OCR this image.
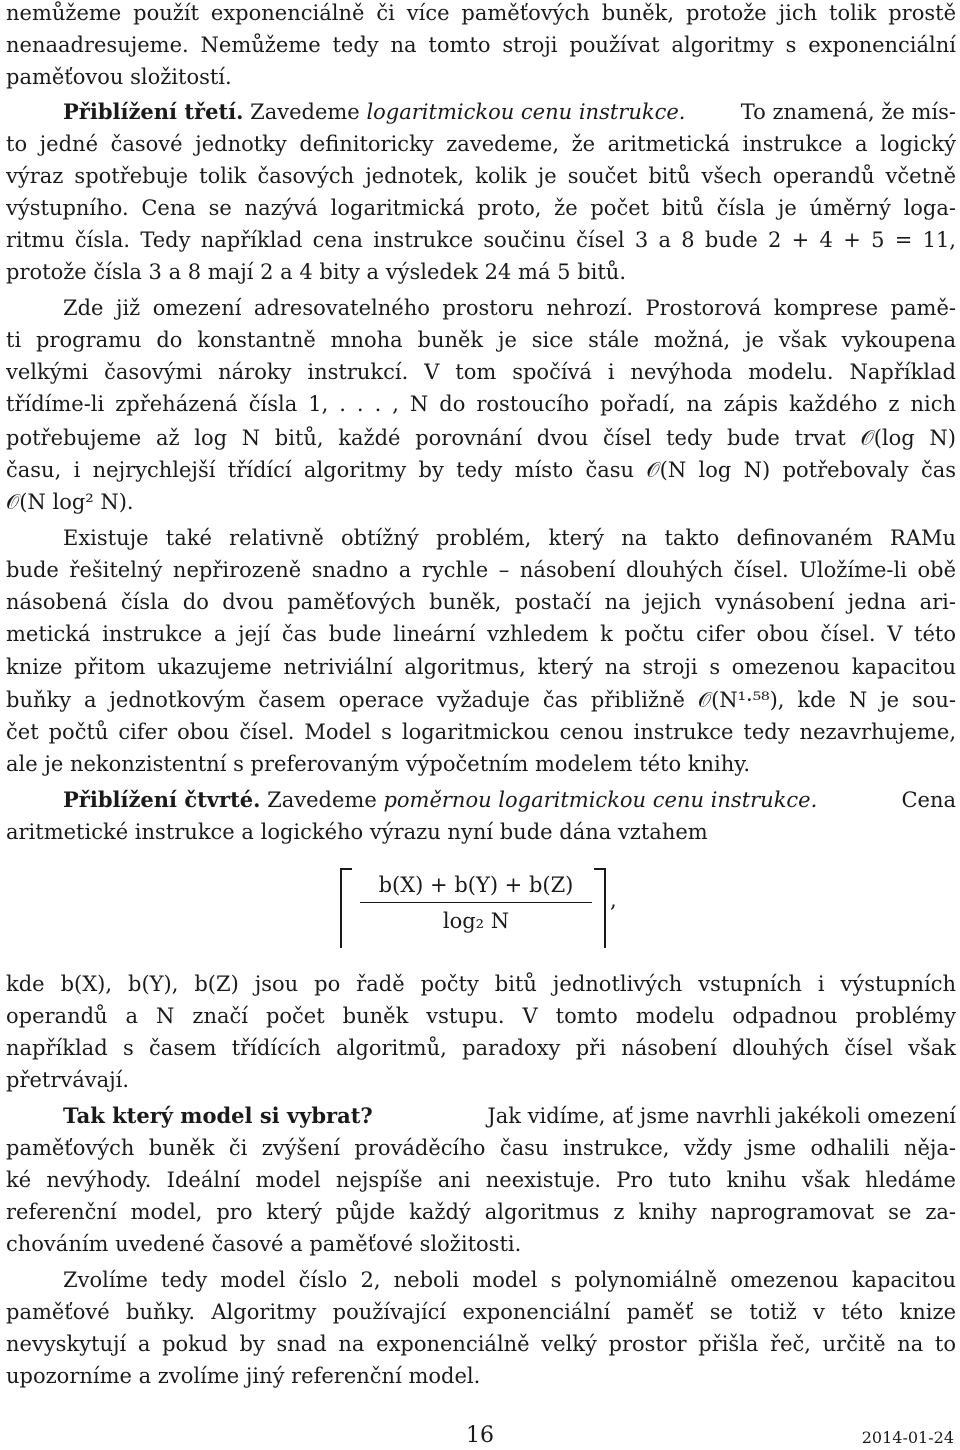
nemůžeme použít exponenciálně či více paměťových buněk, protože jich tolik prostě
nenaadresujeme. Nemůžeme tedy na tomto stroji používat algoritmy s exponenciální
paměťovou složitostí.
Přiblížení třetí. Zavedeme logaritmickou cenu instrukce.	To znamená, že mís-
to jedné časové jednotky definitoricky zavedeme, že aritmetická instrukce a logický
výraz spotřebuje tolik časových jednotek, kolik je součet bitů všech operandů včetně
výstupního. Cena se nazývá logaritmická proto, že počet bitů čísla je úměrný loga-
ritmu čísla. Tedy například cena instrukce součinu čísel 3 a 8 bude 2 + 4 + 5 = 11,
protože čísla 3 a 8 mají 2 a 4 bity a výsledek 24 má 5 bitů.
Zde již omezení adresovatelného prostoru nehrozí. Prostorová komprese pamě-
ti programu do konstantně mnoha buněk je sice stále možná, je však vykoupena
velkými časovými nároky instrukcí. V tom spočívá i nevýhoda modelu. Například
třídíme-li zpřeházená čísla 1, . . . , N do rostoucího pořadí, na zápis každého z nich
potřebujeme až log N bitů, každé porovnání dvou čísel tedy bude trvat 𝒪(log N)
času, i nejrychlejší třídící algoritmy by tedy místo času 𝒪(N log N) potřebovaly čas
𝒪(N log² N).
Existuje také relativně obtížný problém, který na takto definovaném RAMu
bude řešitelný nepřirozeně snadno a rychle – násobení dlouhých čísel. Uložíme-li obě
násobená čísla do dvou paměťových buněk, postačí na jejich vynásobení jedna ari-
metická instrukce a její čas bude lineární vzhledem k počtu cifer obou čísel. V této
knize přitom ukazujeme netriviální algoritmus, který na stroji s omezenou kapacitou
buňky a jednotkovým časem operace vyžaduje čas přibližně 𝒪(N¹·⁵⁸), kde N je sou-
čet počtů cifer obou čísel. Model s logaritmickou cenou instrukce tedy nezavrhujeme,
ale je nekonzistentní s preferovaným výpočetním modelem této knihy.
Přiblížení čtvrté. Zavedeme poměrnou logaritmickou cenu instrukce.	Cena
aritmetické instrukce a logického výrazu nyní bude dána vztahem
b(X) + b(Y) + b(Z)
log₂ N
,
kde b(X), b(Y), b(Z) jsou po řadě počty bitů jednotlivých vstupních i výstupních
operandů a N značí počet buněk vstupu. V tomto modelu odpadnou problémy
například s časem třídících algoritmů, paradoxy při násobení dlouhých čísel však
přetrvávají.
Tak který model si vybrat?	Jak vidíme, ať jsme navrhli jakékoli omezení
paměťových buněk či zvýšení prováděcího času instrukce, vždy jsme odhalili něja-
ké nevýhody. Ideální model nejspíše ani neexistuje. Pro tuto knihu však hledáme
referenční model, pro který půjde každý algoritmus z knihy naprogramovat se za-
chováním uvedené časové a paměťové složitosti.
Zvolíme tedy model číslo 2, neboli model s polynomiálně omezenou kapacitou
paměťové buňky. Algoritmy používající exponenciální paměť se totiž v této knize
nevyskytují a pokud by snad na exponenciálně velký prostor přišla řeč, určitě na to
upozorníme a zvolíme jiný referenční model.
16	2014-01-24
